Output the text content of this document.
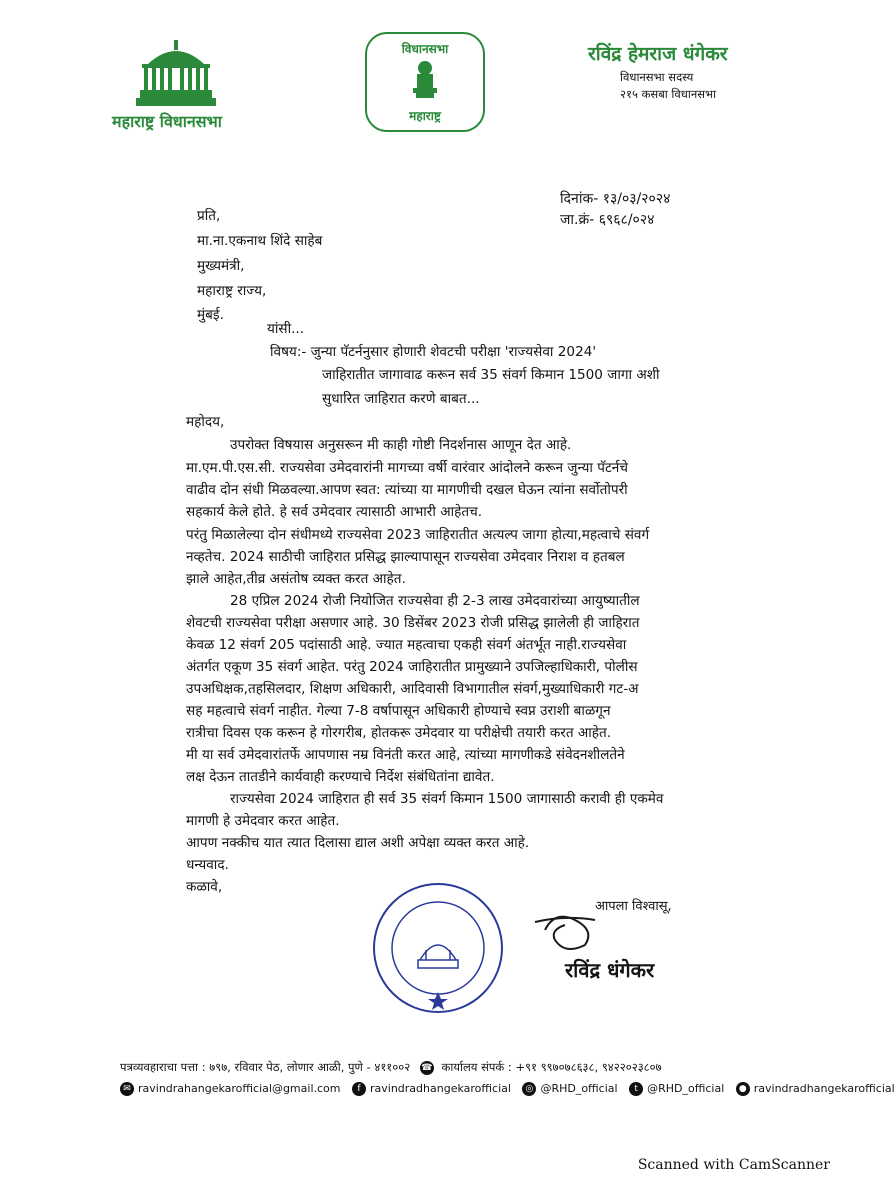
महाराष्ट्र विधानसभा
विधानसभा
महाराष्ट्र
रविंद्र हेमराज धंगेकर
विधानसभा सदस्य
२१५ कसबा विधानसभा
दिनांक- १३/०३/२०२४
जा.क्रं- ६९६८/०२४
प्रति,
मा.ना.एकनाथ शिंदे साहेब
मुख्यमंत्री,
महाराष्ट्र राज्य,
मुंबई.
यांसी...
विषय:- जुन्या पॅटर्ननुसार होणारी शेवटची परीक्षा 'राज्यसेवा 2024'
जाहिरातीत जागावाढ करून सर्व 35 संवर्ग किमान 1500 जागा अशी
सुधारित जाहिरात करणे बाबत...
महोदय,
उपरोक्त विषयास अनुसरून मी काही गोष्टी निदर्शनास आणून देत आहे.
मा.एम.पी.एस.सी. राज्यसेवा उमेदवारांनी मागच्या वर्षी वारंवार आंदोलने करून जुन्या पॅटर्नचे
वाढीव दोन संधी मिळवल्या.आपण स्वत: त्यांच्या या मागणीची दखल घेऊन त्यांना सर्वोतोपरी
सहकार्य केले होते. हे सर्व उमेदवार त्यासाठी आभारी आहेतच.
परंतु मिळालेल्या दोन संधीमध्ये राज्यसेवा 2023 जाहिरातीत अत्यल्प जागा होत्या,महत्वाचे संवर्ग
नव्हतेच. 2024 साठीची जाहिरात प्रसिद्ध झाल्यापासून राज्यसेवा उमेदवार निराश व हतबल
झाले आहेत,तीव्र असंतोष व्यक्त करत आहेत.
28 एप्रिल 2024 रोजी नियोजित राज्यसेवा ही 2-3 लाख उमेदवारांच्या आयुष्यातील
शेवटची राज्यसेवा परीक्षा असणार आहे. 30 डिसेंबर 2023 रोजी प्रसिद्ध झालेली ही जाहिरात
केवळ 12 संवर्ग 205 पदांसाठी आहे. ज्यात महत्वाचा एकही संवर्ग अंतर्भूत नाही.राज्यसेवा
अंतर्गत एकूण 35 संवर्ग आहेत. परंतु 2024 जाहिरातीत प्रामुख्याने उपजिल्हाधिकारी, पोलीस
उपअधिक्षक,तहसिलदार, शिक्षण अधिकारी, आदिवासी विभागातील संवर्ग,मुख्याधिकारी गट-अ
सह महत्वाचे संवर्ग नाहीत. गेल्या 7-8 वर्षापासून अधिकारी होण्याचे स्वप्न उराशी बाळगून
रात्रीचा दिवस एक करून हे गोरगरीब, होतकरू उमेदवार या परीक्षेची तयारी करत आहेत.
मी या सर्व उमेदवारांतर्फे आपणास नम्र विनंती करत आहे, त्यांच्या मागणीकडे संवेदनशीलतेने
लक्ष देऊन तातडीने कार्यवाही करण्याचे निर्देश संबंधितांना द्यावेत.
राज्यसेवा 2024 जाहिरात ही सर्व 35 संवर्ग किमान 1500 जागासाठी करावी ही एकमेव
मागणी हे उमेदवार करत आहेत.
आपण नक्कीच यात त्यात दिलासा द्याल अशी अपेक्षा व्यक्त करत आहे.
धन्यवाद.
कळावे,
आपला विश्वासू,
रविंद्र धंगेकर
पत्रव्यवहाराचा पत्ता : ७९७, रविवार पेठ, लोणार आळी, पुणे - ४११००२ ☎ कार्यालय संपर्क : +९१ ९९७०७८६३८, ९४२२०२३८०७
✉ ravindrahangekarofficial@gmail.com f ravindradhangekarofficial ◎ @RHD_official t @RHD_official ● ravindradhangekarofficial
Scanned with CamScanner
